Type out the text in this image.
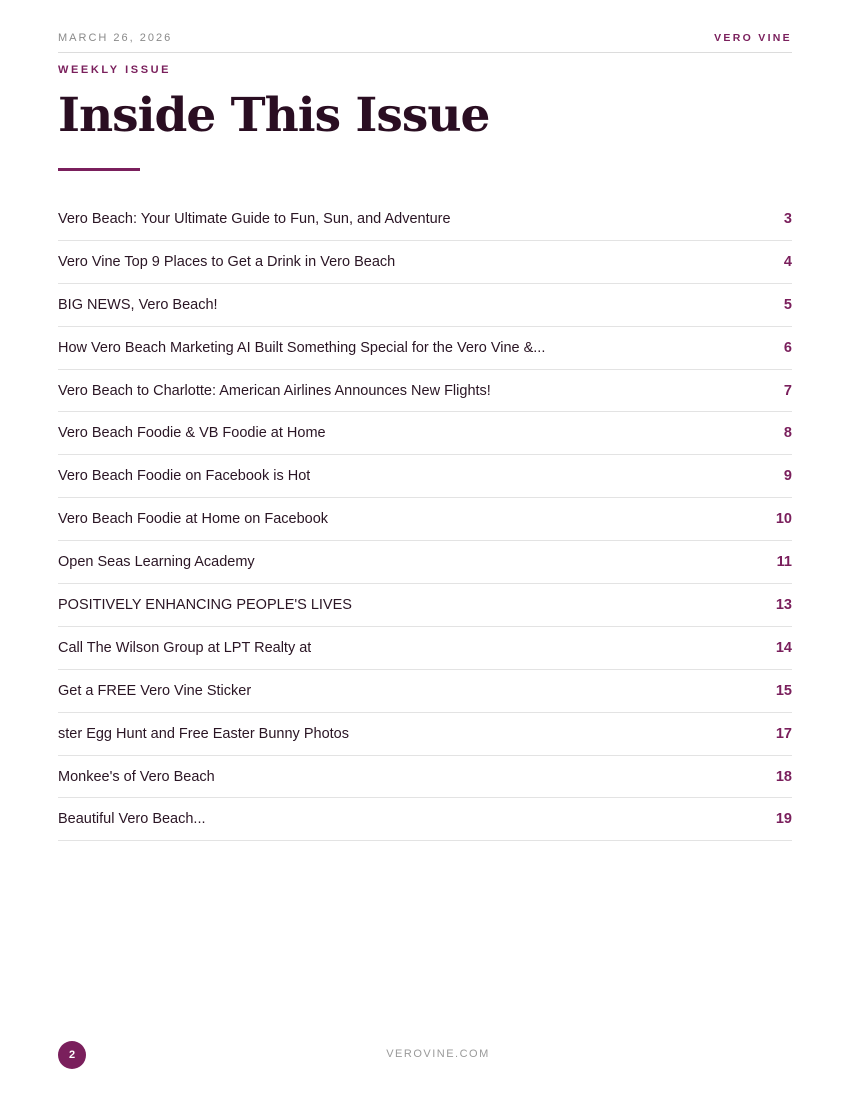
MARCH 26, 2026	VERO VINE
WEEKLY ISSUE
Inside This Issue
Vero Beach: Your Ultimate Guide to Fun, Sun, and Adventure	3
Vero Vine Top 9 Places to Get a Drink in Vero Beach	4
BIG NEWS, Vero Beach!	5
How Vero Beach Marketing AI Built Something Special for the Vero Vine &...	6
Vero Beach to Charlotte: American Airlines Announces New Flights!	7
Vero Beach Foodie & VB Foodie at Home	8
Vero Beach Foodie on Facebook is Hot	9
Vero Beach Foodie at Home on Facebook	10
Open Seas Learning Academy	11
POSITIVELY ENHANCING PEOPLE'S LIVES	13
Call The Wilson Group at LPT Realty at	14
Get a FREE Vero Vine Sticker	15
ster Egg Hunt and Free Easter Bunny Photos	17
Monkee's of Vero Beach	18
Beautiful Vero Beach...	19
2	VEROVINE.COM
